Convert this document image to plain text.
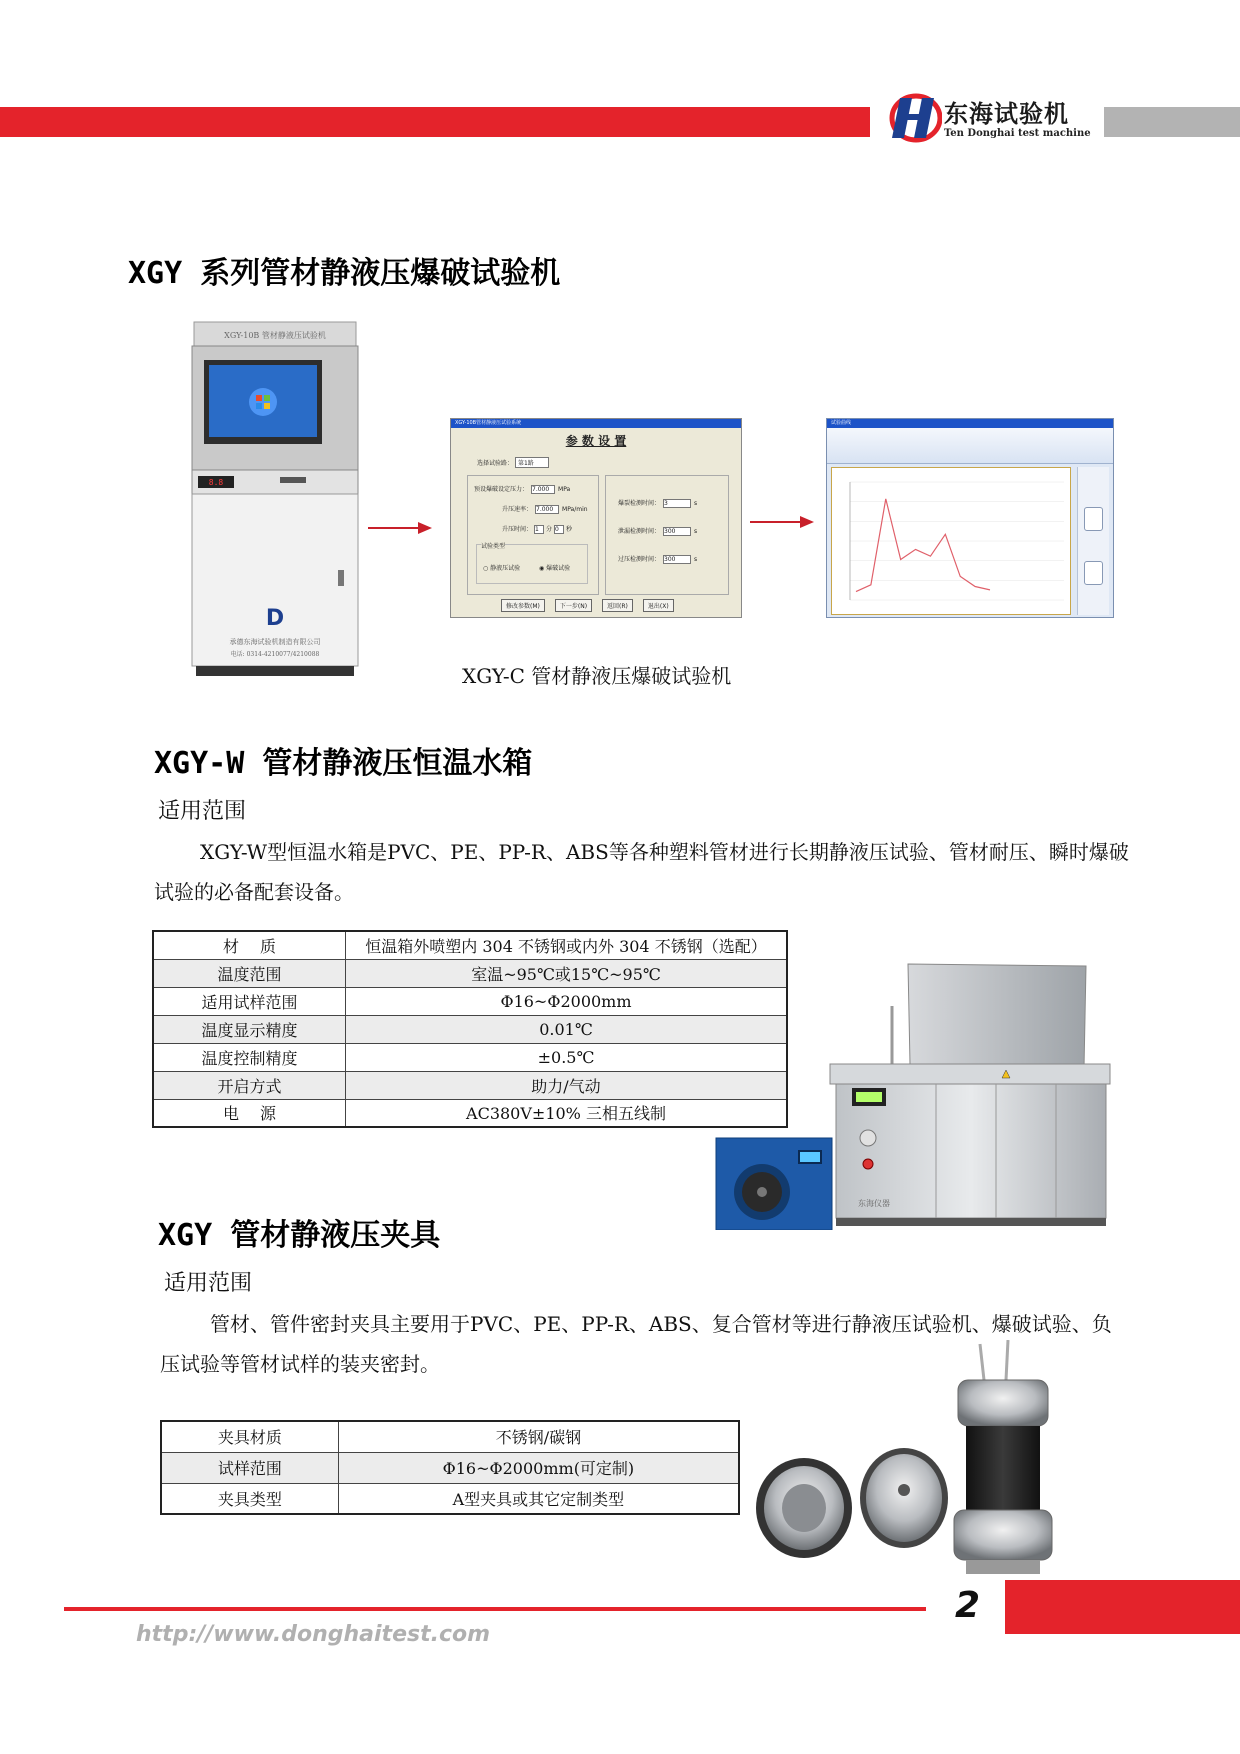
东海试验机
Ten Donghai test machine
XGY 系列管材静液压爆破试验机
XGY-10B 管材静液压试验机
8.8
D
承德东海试验机制造有限公司
电话: 0314-4210077/4210088
XGY-10B管材静液压试验系统
参 数 设 置
选择试验路： 第1路
预设爆破设定压力： 7.000 MPa
升压速率： 7.000 MPa/min
升压时间： 1 分 0 秒
试验类型
○ 静液压试验	◉ 爆破试验
爆裂检测时间： 3	s
泄漏检测时间： 300	s
过压检测时间： 300	s
修改参数(M)	下一步(N)	返回(R)	退出(X)
试验曲线
XGY-C 管材静液压爆破试验机
XGY-W 管材静液压恒温水箱
适用范围
XGY-W型恒温水箱是PVC、PE、PP-R、ABS等各种塑料管材进行长期静液压试验、管材耐压、瞬时爆破试验的必备配套设备。
材　 质	恒温箱外喷塑内 304 不锈钢或内外 304 不锈钢（选配）
温度范围	室温~95℃或15℃~95℃
适用试样范围	Φ16~Φ2000mm
温度显示精度	0.01℃
温度控制精度	±0.5℃
开启方式	助力/气动
电　 源	AC380V±10% 三相五线制
东海仪器
XGY 管材静液压夹具
适用范围
管材、管件密封夹具主要用于PVC、PE、PP-R、ABS、复合管材等进行静液压试验机、爆破试验、负压试验等管材试样的装夹密封。
夹具材质	不锈钢/碳钢
试样范围	Φ16~Φ2000mm(可定制)
夹具类型	A型夹具或其它定制类型
2
http://www.donghaitest.com
